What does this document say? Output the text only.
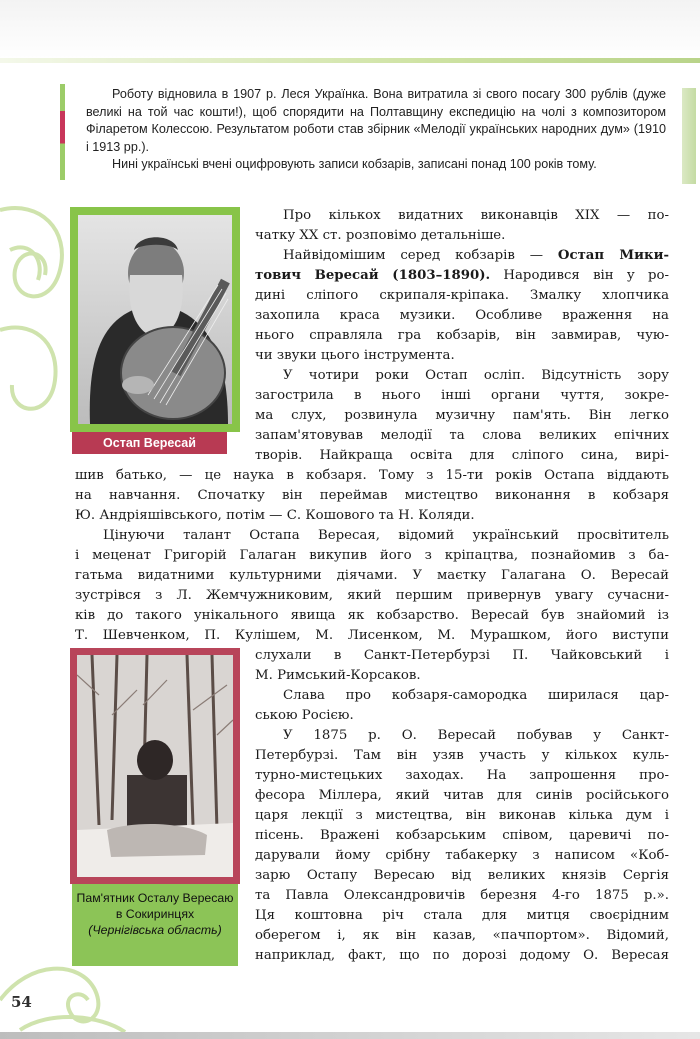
Роботу відновила в 1907 р. Леся Українка. Вона витратила зі свого посагу 300 рублів (дуже великі на той час кошти!), щоб спорядити на Полтавщину експедицію на чолі з композитором Філаретом Колессою. Результатом роботи став збірник «Мелодії українських народних дум» (1910 і 1913 рр.).

Нині українські вчені оцифровують записи кобзарів, записані понад 100 років тому.

Остап Вересай
Пам'ятник Осталу Вересаю в Сокиринцях
(Чернігівська область)
Про кількох видатних виконавців ХІХ — по-
чатку ХХ ст. розповімо детальніше.
Найвідомішим серед кобзарів — Остап Мики-
тович Вересай (1803–1890). Народився він у ро-
дині сліпого скрипаля-кріпака. Змалку хлопчика
захопила краса музики. Особливе враження на
нього справляла гра кобзарів, він завмирав, чую-
чи звуки цього інструмента.
У чотири роки Остап осліп. Відсутність зору
загострила в нього інші органи чуття, зокре-
ма слух, розвинула музичну пам'ять. Він легко
запам'ятовував мелодії та слова великих епічних
творів. Найкраща освіта для сліпого сина, вирі-
шив батько, — це наука в кобзаря. Тому з 15-ти років Остапа віддають
на навчання. Спочатку він переймав мистецтво виконання в кобзаря
Ю. Андріяшівського, потім — С. Кошового та Н. Коляди.
Цінуючи талант Остапа Вересая, відомий український просвітитель
і меценат Григорій Галаган викупив його з кріпацтва, познайомив з ба-
гатьма видатними культурними діячами. У маєтку Галагана О. Вересай
зустрівся з Л. Жемчужниковим, який першим привернув увагу сучасни-
ків до такого унікального явища як кобзарство. Вересай був знайомий із
Т. Шевченком, П. Кулішем, М. Лисенком, М. Мурашком, його виступи
слухали в Санкт-Петербурзі П. Чайковський і
М. Римський-Корсаков.
Слава про кобзаря-самородка ширилася цар-
ською Росією.
У 1875 р. О. Вересай побував у Санкт-
Петербурзі. Там він узяв участь у кількох куль-
турно-мистецьких заходах. На запрошення про-
фесора Міллера, який читав для синів російського
царя лекції з мистецтва, він виконав кілька дум і
пісень. Вражені кобзарським співом, царевичі по-
дарували йому срібну табакерку з написом «Коб-
зарю Остапу Вересаю від великих князів Сергія
та Павла Олександровичів березня 4-го 1875 р.».
Ця коштовна річ стала для митця своєрідним
оберегом і, як він казав, «пачпортом». Відомий,
наприклад, факт, що по дорозі додому О. Вересая
54
